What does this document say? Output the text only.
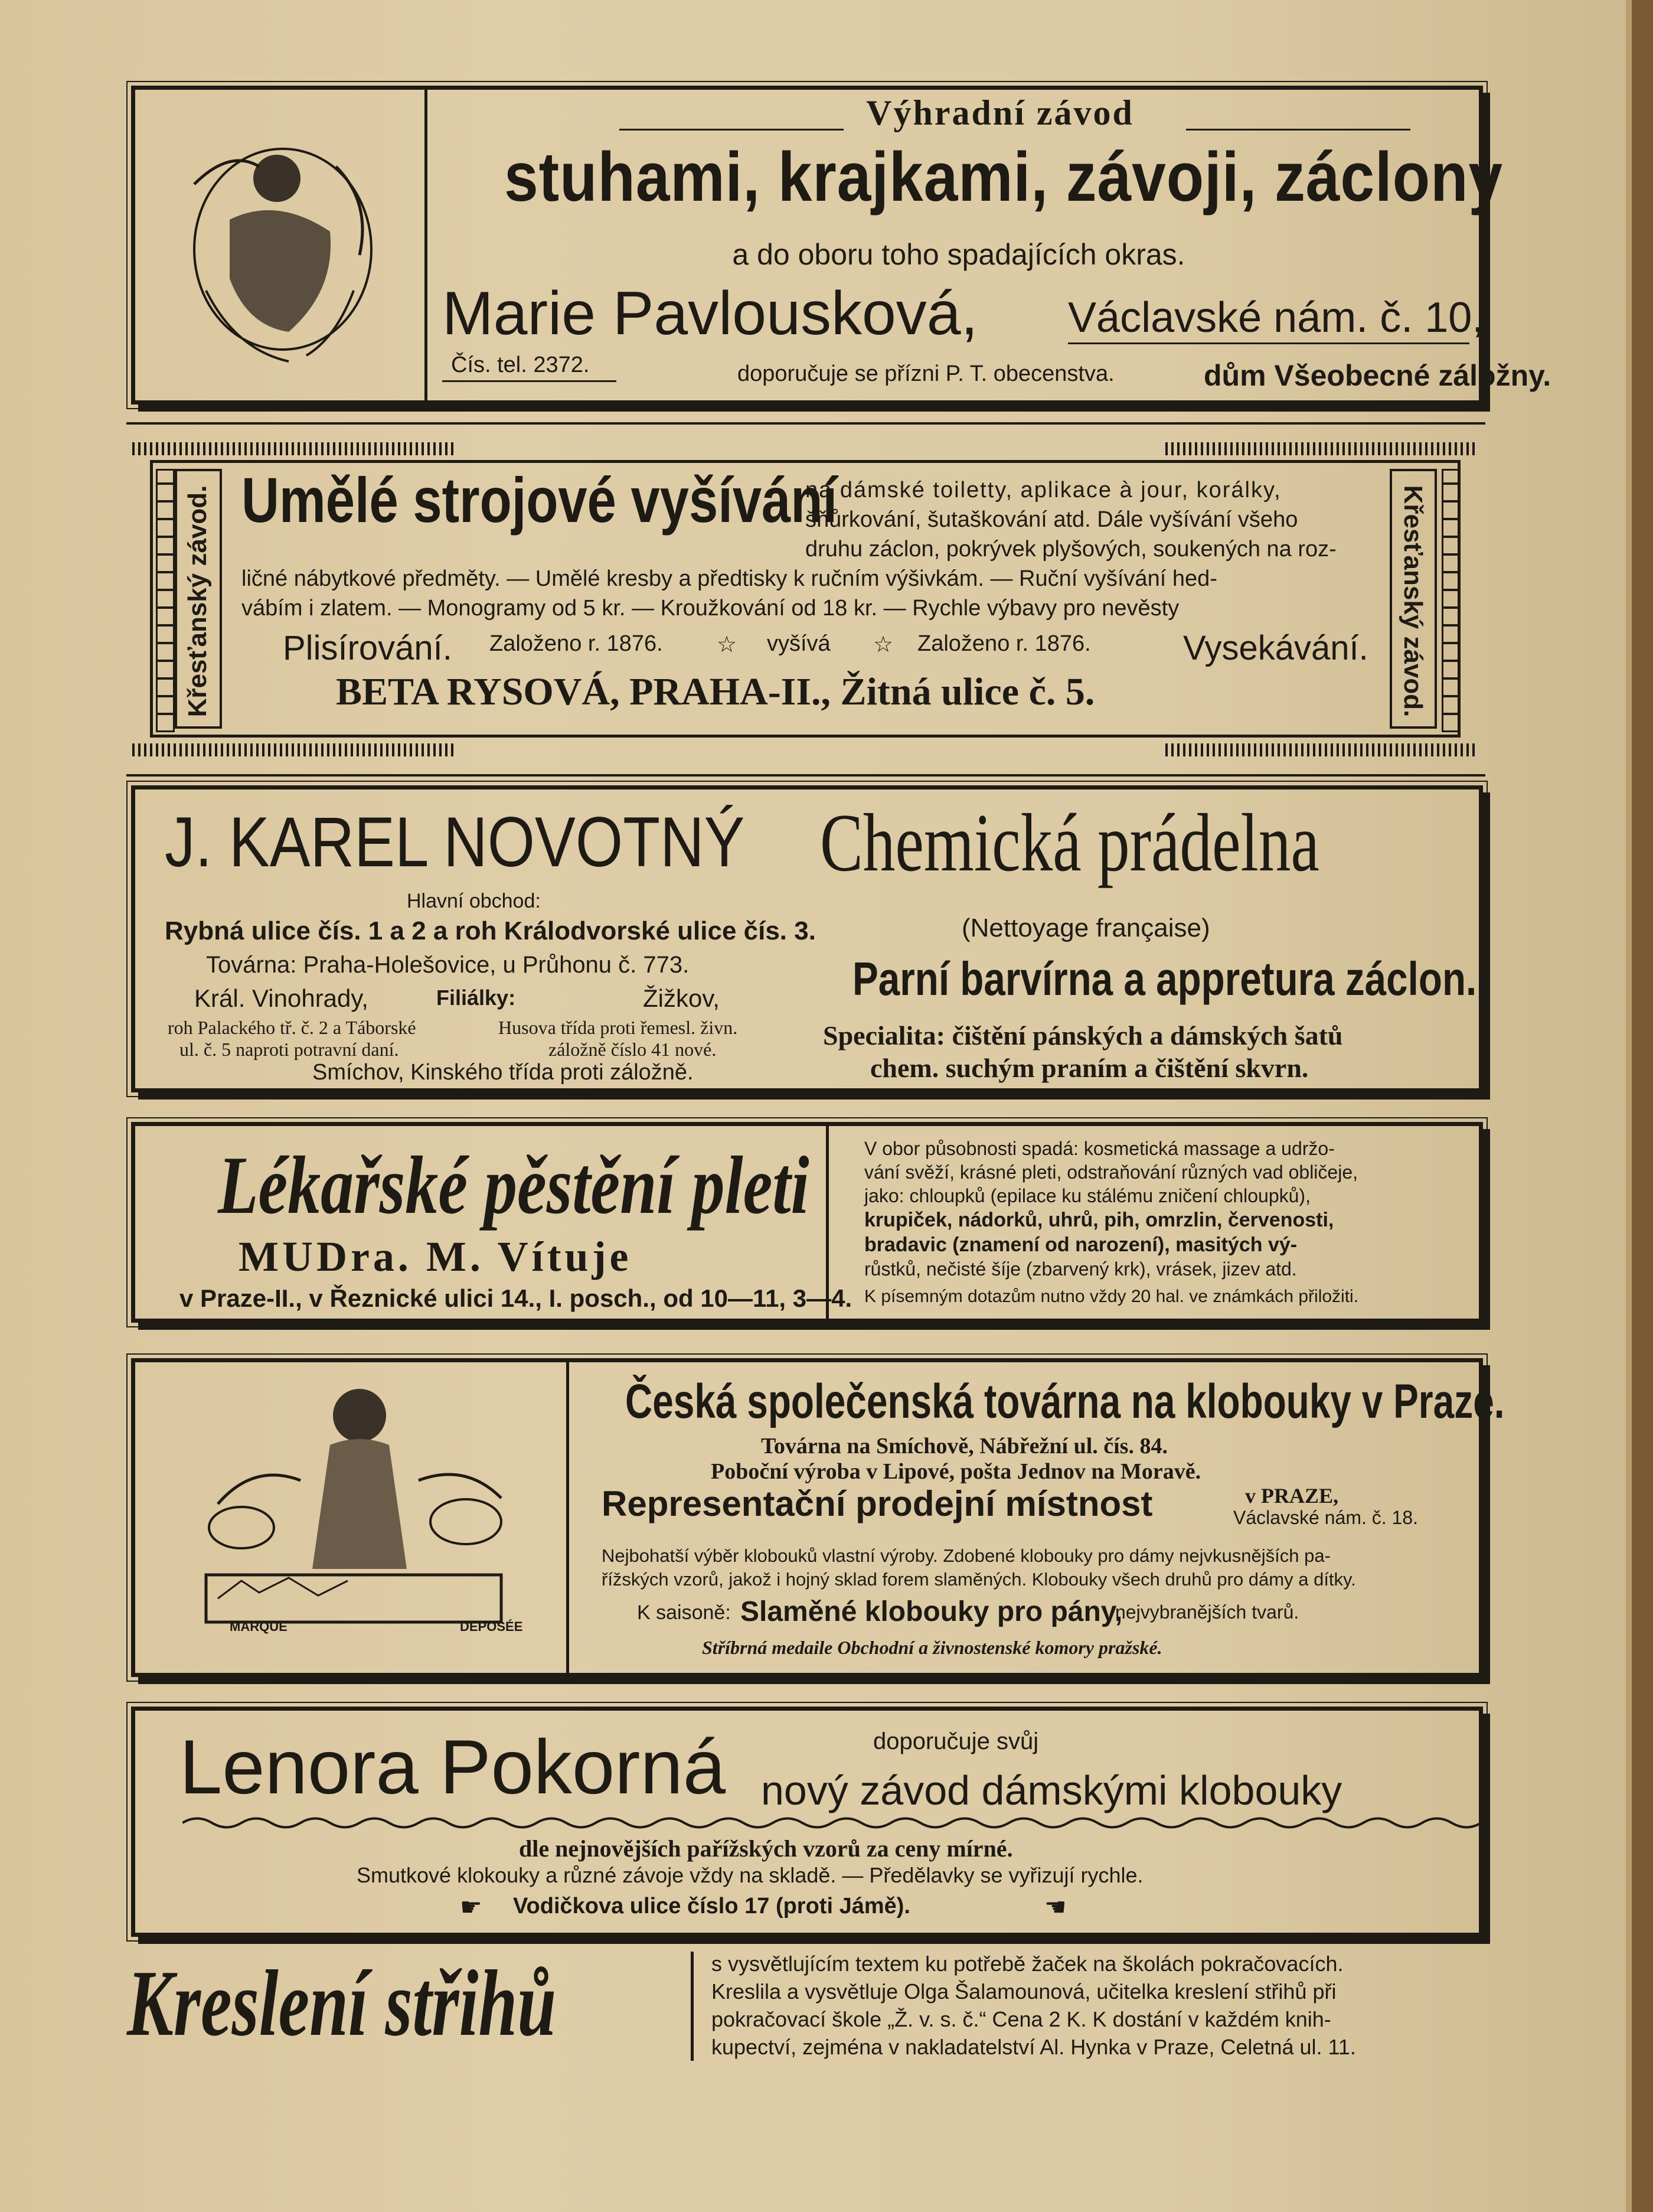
Výhradní závod
stuhami, krajkami, závoji, záclony
a do oboru toho spadajících okras.
Marie Pavlousková, Václavské nám. č. 10,
Čís. tel. 2372.	doporučuje se přízni P. T. obecenstva.	dům Všeobecné záložny.
Křesťanský závod.	Křesťanský závod.
Umělé strojové vyšívání
na dámské toiletty, aplikace à jour, korálky,
šňůrkování, šutaškování atd. Dále vyšívání všeho
druhu záclon, pokrývek plyšových, soukených na roz-
ličné nábytkové předměty. — Umělé kresby a předtisky k ručním výšivkám. — Ruční vyšívání hed-
vábím i zlatem. — Monogramy od 5 kr. — Kroužkování od 18 kr. — Rychle výbavy pro nevěsty
Plisírování. Založeno r. 1876. ☆ vyšívá ☆ Založeno r. 1876.	Vysekávání.
BETA RYSOVÁ, PRAHA-II., Žitná ulice č. 5.
J. KAREL NOVOTNÝ
Hlavní obchod:
Rybná ulice čís. 1 a 2 a roh Králodvorské ulice čís. 3.
Továrna: Praha-Holešovice, u Průhonu č. 773.
Král. Vinohrady,	Filiálky:	Žižkov,
roh Palackého tř. č. 2 a Táborské
ul. č. 5 naproti potravní daní.
Husova třída proti řemesl. živn.
záložně číslo 41 nové.
Smíchov, Kinského třída proti záložně.
Chemická prádelna
(Nettoyage française)
Parní barvírna a appretura záclon.
Specialita: čištění pánských a dámských šatů
chem. suchým praním a čištění skvrn.
Lékařské pěstění pleti
MUDra. M. Vítuje
v Praze-II., v Řeznické ulici 14., I. posch., od 10—11, 3—4.
V obor působnosti spadá: kosmetická massage a udržo-
vání svěží, krásné pleti, odstraňování různých vad obličeje,
jako: chloupků (epilace ku stálému zničení chloupků),
krupiček, nádorků, uhrů, pih, omrzlin, červenosti,
bradavic (znamení od narození), masitých vý-
růstků, nečisté šíje (zbarvený krk), vrásek, jizev atd.
K písemným dotazům nutno vždy 20 hal. ve známkách přiložiti.
MARQUE	DEPOSÉE
Česká společenská továrna na klobouky v Praze.
Továrna na Smíchově, Nábřežní ul. čís. 84.
Poboční výroba v Lipové, pošta Jednov na Moravě.
Representační prodejní místnost	v PRAZE,
Václavské nám. č. 18.
Nejbohatší výběr klobouků vlastní výroby. Zdobené klobouky pro dámy nejvkusnějších pa-
řížských vzorů, jakož i hojný sklad forem slaměných. Klobouky všech druhů pro dámy a dítky.
K saisoně: Slaměné klobouky pro pány,
nejvybranějších tvarů.
Stříbrná medaile Obchodní a živnostenské komory pražské.
Lenora Pokorná	doporučuje svůj
nový závod dámskými klobouky
dle nejnovějších pařížských vzorů za ceny mírné.
Smutkové klokouky a různé závoje vždy na skladě. — Předělavky se vyřizují rychle.
☛ Vodičkova ulice číslo 17 (proti Jámě).	☛
Kreslení střihů	s vysvětlujícím textem ku potřebě žaček na školách pokračovacích.
Kreslila a vysvětluje Olga Šalamounová, učitelka kreslení střihů při
pokračovací škole „Ž. v. s. č.“ Cena 2 K. K dostání v každém knih-
kupectví, zejména v nakladatelství Al. Hynka v Praze, Celetná ul. 11.
